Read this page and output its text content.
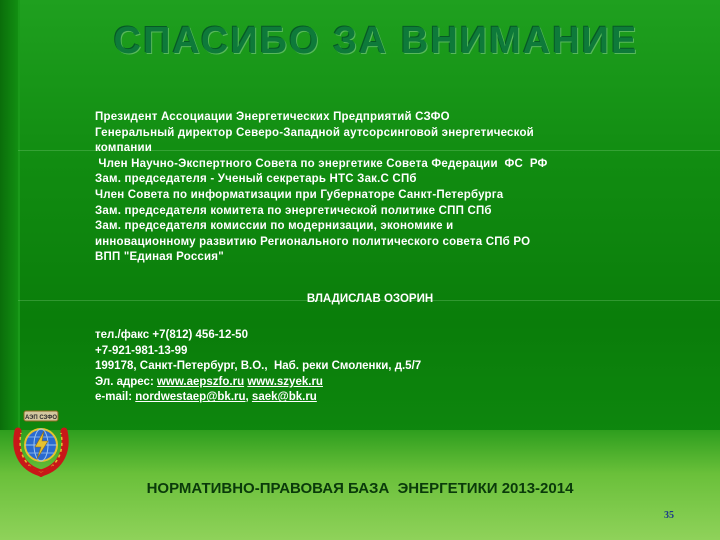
СПАСИБО ЗА ВНИМАНИЕ
Президент Ассоциации Энергетических Предприятий СЗФО
Генеральный директор Северо-Западной аутсорсинговой энергетической
компании
Член Научно-Экспертного Совета по энергетике Совета Федерации  ФС  РФ
Зам. председателя - Ученый секретарь НТС Зак.С СПб
Член Совета по информатизации при Губернаторе Санкт-Петербурга
Зам. председателя комитета по энергетической политике СПП СПб
Зам. председателя комиссии по модернизации, экономике и
инновационному развитию Регионального политического совета СПб РО
ВПП "Единая Россия"
ВЛАДИСЛАВ ОЗОРИН
тел./факс +7(812) 456-12-50
+7-921-981-13-99
199178, Санкт-Петербург, В.О.,  Наб. реки Смоленки, д.5/7
Эл. адрес: www.aepszfo.ru www.szyek.ru
e-mail: nordwestaep@bk.ru, saek@bk.ru
АЭП СЗФО
НОРМАТИВНО-ПРАВОВАЯ БАЗА  ЭНЕРГЕТИКИ 2013-2014
35
